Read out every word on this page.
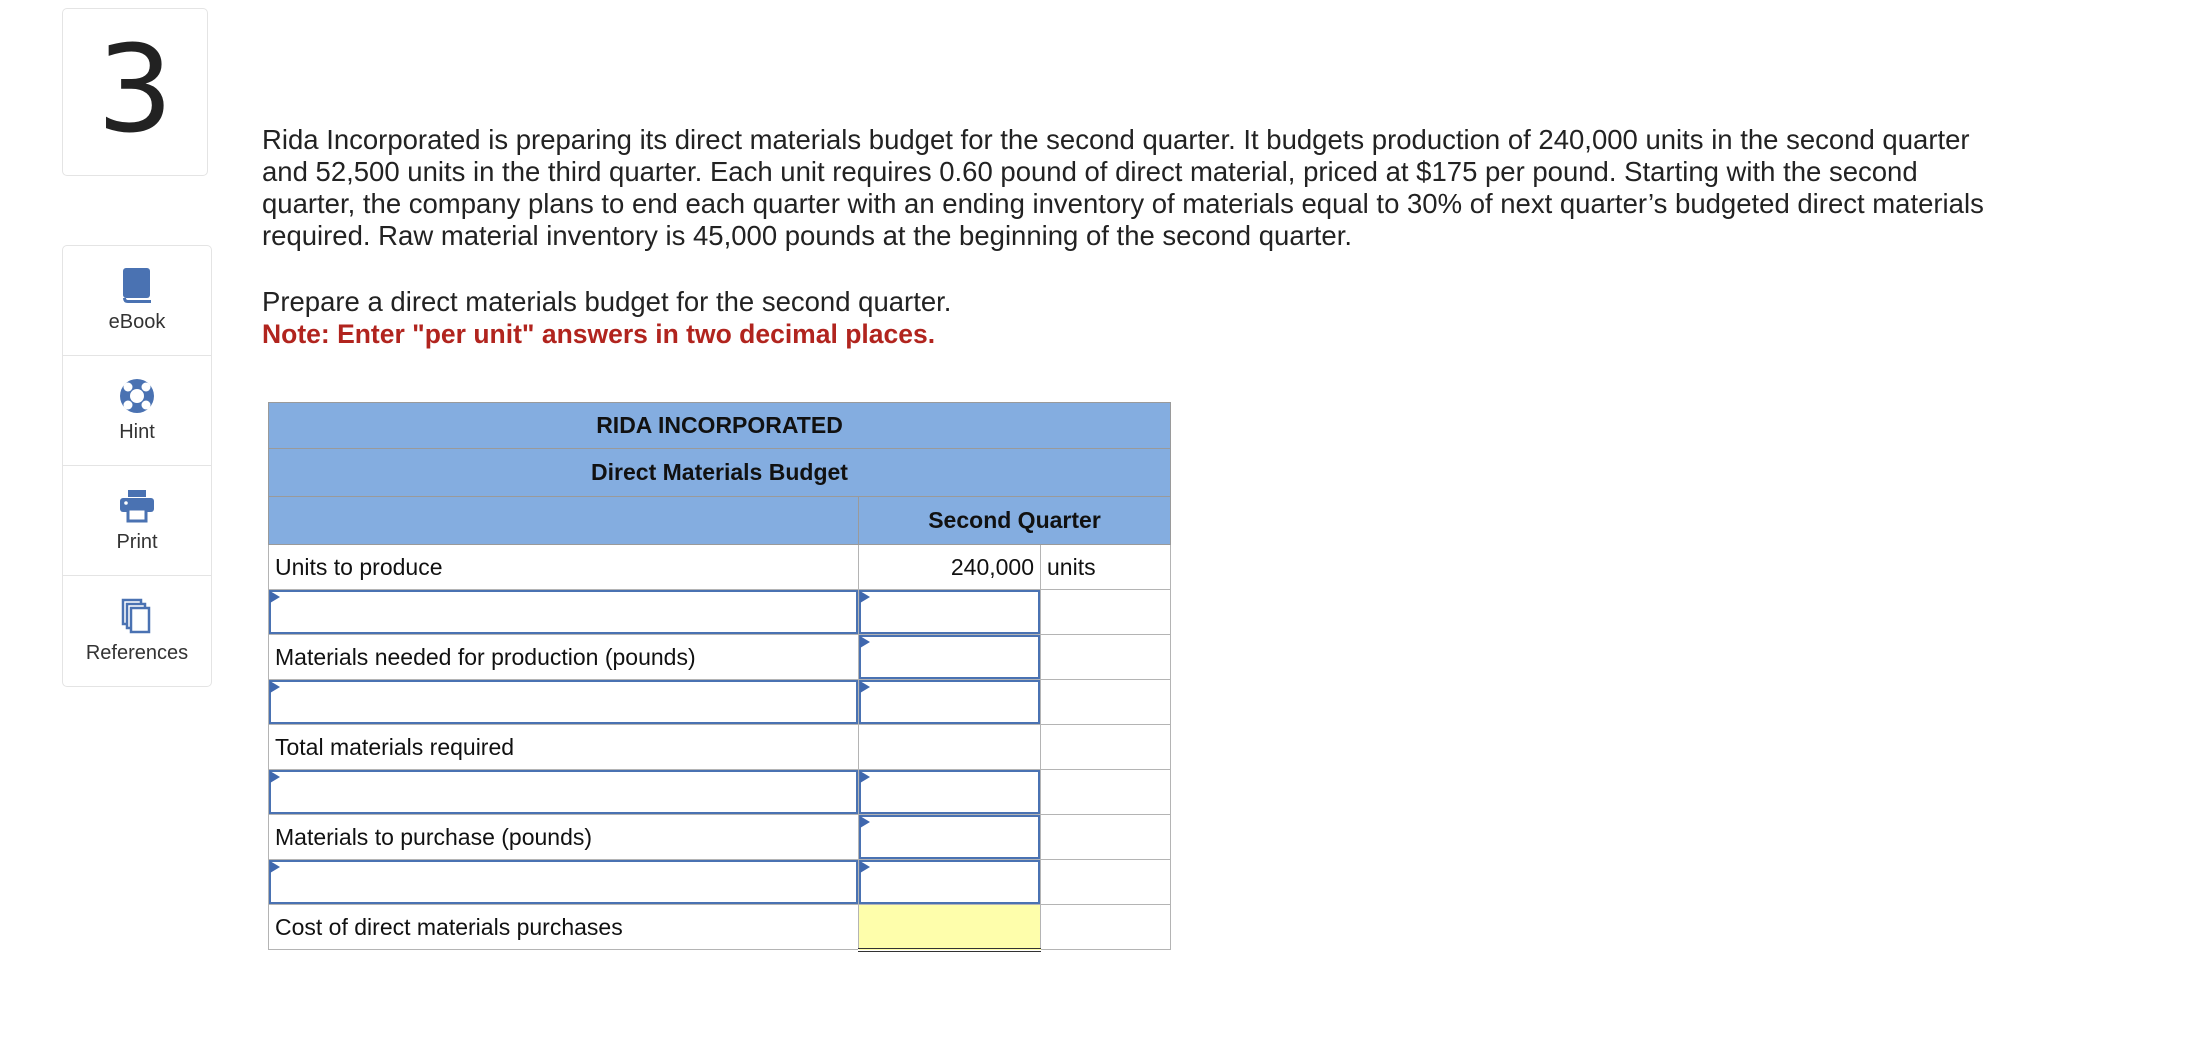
3
eBook
Hint
Print
References

Rida Incorporated is preparing its direct materials budget for the second quarter. It budgets production of 240,000 units in the second quarter and 52,500 units in the third quarter. Each unit requires 0.60 pound of direct material, priced at $175 per pound. Starting with the second quarter, the company plans to end each quarter with an ending inventory of materials equal to 30% of next quarter’s budgeted direct materials required. Raw material inventory is 45,000 pounds at the beginning of the second quarter.

Prepare a direct materials budget for the second quarter.

Note: Enter "per unit" answers in two decimal places.

RIDA INCORPORATED		
Direct Materials Budget		
	Second Quarter	
Units to produce	240,000	units

Materials needed for production (pounds)	

Total materials required		

Materials to purchase (pounds)	

Cost of direct materials purchases		
